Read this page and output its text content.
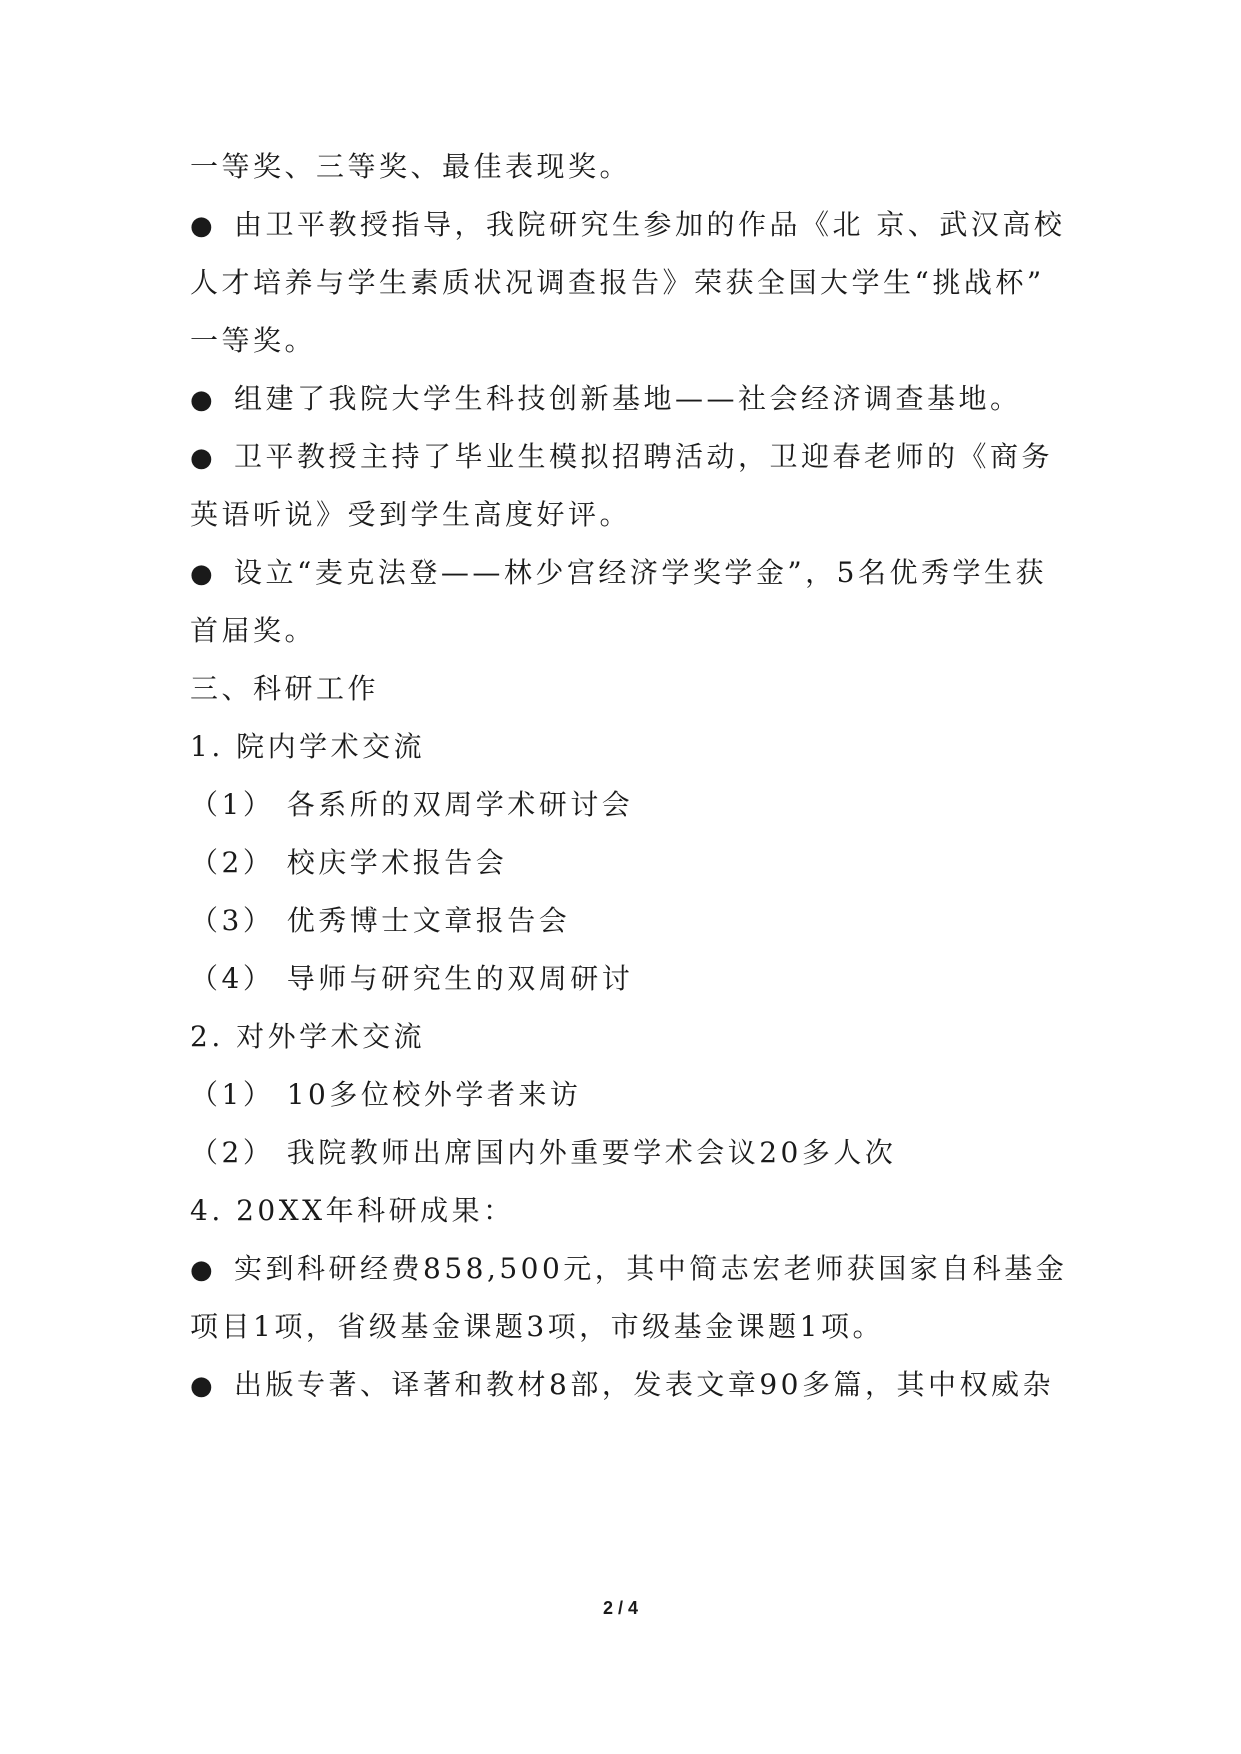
一等奖、三等奖、最佳表现奖。
● 由卫平教授指导，我院研究生参加的作品《北 京、武汉高校
人才培养与学生素质状况调查报告》荣获全国大学生“挑战杯”
一等奖。
● 组建了我院大学生科技创新基地——社会经济调查基地。
● 卫平教授主持了毕业生模拟招聘活动，卫迎春老师的《商务
英语听说》受到学生高度好评。
● 设立“麦克法登——林少宫经济学奖学金”，5名优秀学生获
首届奖。
三、科研工作
1. 院内学术交流
（1） 各系所的双周学术研讨会
（2） 校庆学术报告会
（3） 优秀博士文章报告会
（4） 导师与研究生的双周研讨
2. 对外学术交流
（1） 10多位校外学者来访
（2） 我院教师出席国内外重要学术会议20多人次
4. 20XX年科研成果：
● 实到科研经费858,500元，其中简志宏老师获国家自科基金
项目1项，省级基金课题3项，市级基金课题1项。
● 出版专著、译著和教材8部，发表文章90多篇，其中权威杂
2 / 4
